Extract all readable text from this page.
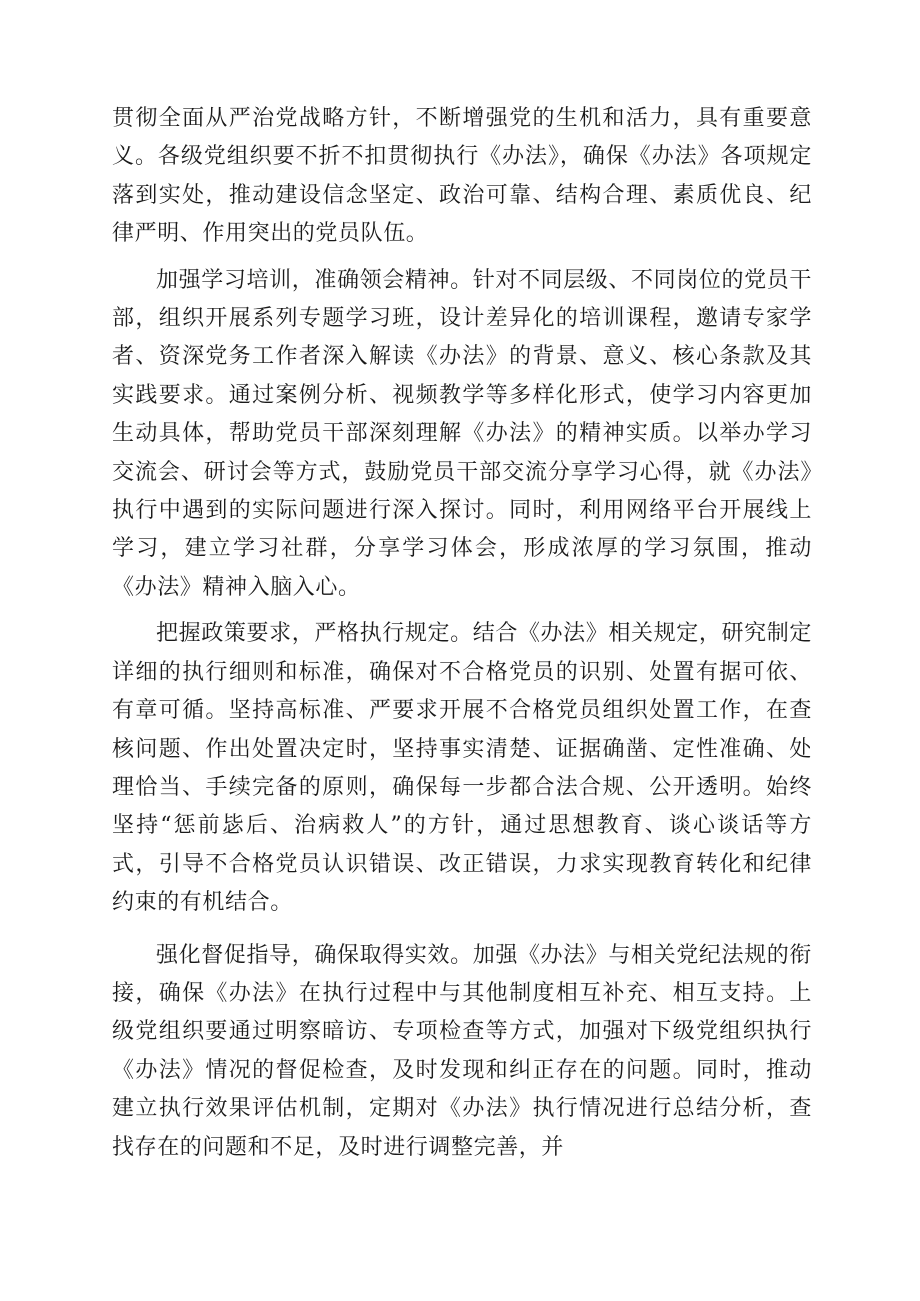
贯彻全面从严治党战略方针，不断增强党的生机和活力，具有重要意义。各级党组织要不折不扣贯彻执行《办法》，确保《办法》各项规定落到实处，推动建设信念坚定、政治可靠、结构合理、素质优良、纪律严明、作用突出的党员队伍。

加强学习培训，准确领会精神。针对不同层级、不同岗位的党员干部，组织开展系列专题学习班，设计差异化的培训课程，邀请专家学者、资深党务工作者深入解读《办法》的背景、意义、核心条款及其实践要求。通过案例分析、视频教学等多样化形式，使学习内容更加生动具体，帮助党员干部深刻理解《办法》的精神实质。以举办学习交流会、研讨会等方式，鼓励党员干部交流分享学习心得，就《办法》执行中遇到的实际问题进行深入探讨。同时，利用网络平台开展线上学习，建立学习社群，分享学习体会，形成浓厚的学习氛围，推动《办法》精神入脑入心。

把握政策要求，严格执行规定。结合《办法》相关规定，研究制定详细的执行细则和标准，确保对不合格党员的识别、处置有据可依、有章可循。坚持高标准、严要求开展不合格党员组织处置工作，在查核问题、作出处置决定时，坚持事实清楚、证据确凿、定性准确、处理恰当、手续完备的原则，确保每一步都合法合规、公开透明。始终坚持“惩前毖后、治病救人”的方针，通过思想教育、谈心谈话等方式，引导不合格党员认识错误、改正错误，力求实现教育转化和纪律约束的有机结合。

强化督促指导，确保取得实效。加强《办法》与相关党纪法规的衔接，确保《办法》在执行过程中与其他制度相互补充、相互支持。上级党组织要通过明察暗访、专项检查等方式，加强对下级党组织执行《办法》情况的督促检查，及时发现和纠正存在的问题。同时，推动建立执行效果评估机制，定期对《办法》执行情况进行总结分析，查找存在的问题和不足，及时进行调整完善，并
